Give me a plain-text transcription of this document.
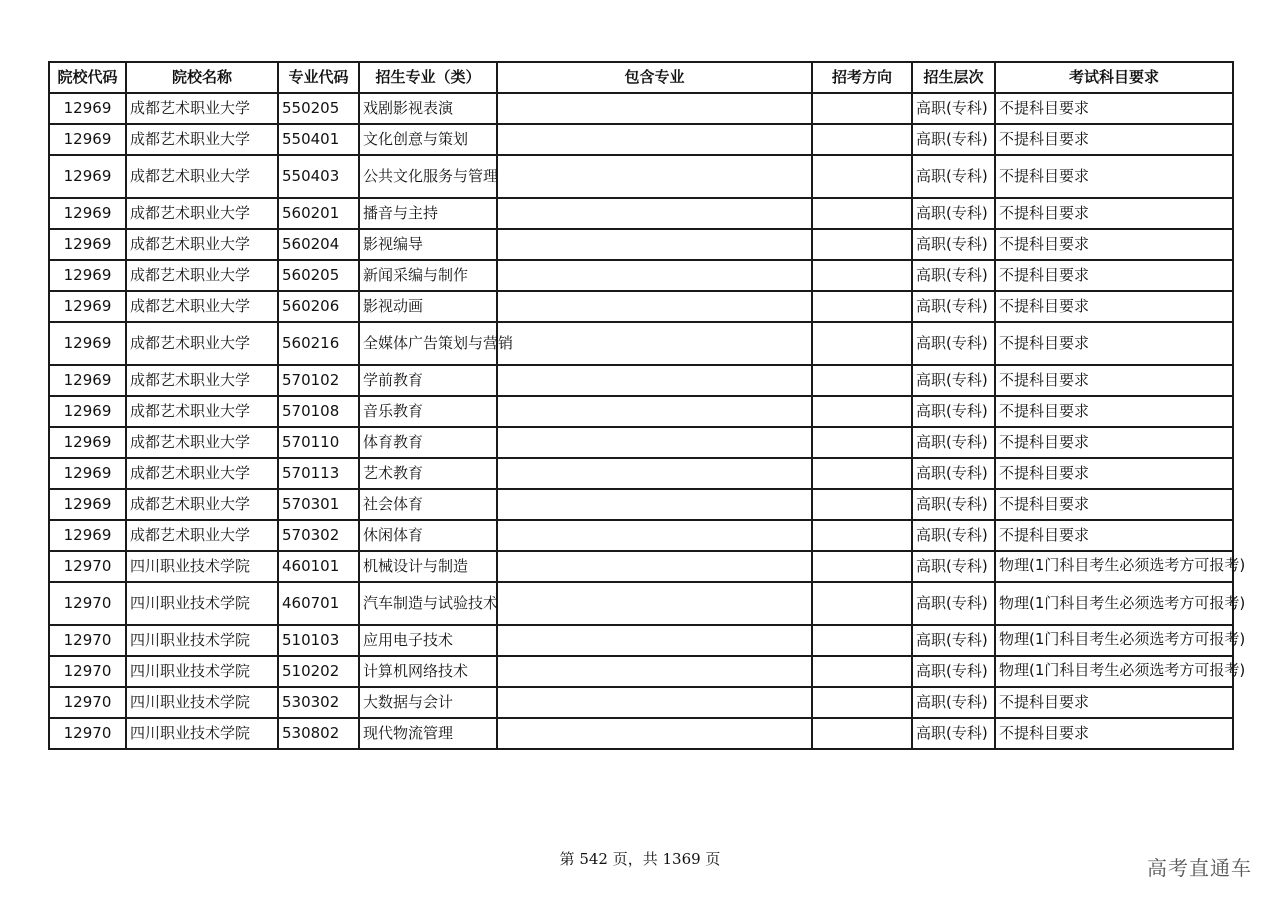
院校代码	院校名称	专业代码	招生专业（类）	包含专业	招考方向	招生层次	考试科目要求
12969	成都艺术职业大学	550205	戏剧影视表演			高职(专科)	不提科目要求
12969	成都艺术职业大学	550401	文化创意与策划			高职(专科)	不提科目要求
12969	成都艺术职业大学	550403	公共文化服务与管理			高职(专科)	不提科目要求
12969	成都艺术职业大学	560201	播音与主持			高职(专科)	不提科目要求
12969	成都艺术职业大学	560204	影视编导			高职(专科)	不提科目要求
12969	成都艺术职业大学	560205	新闻采编与制作			高职(专科)	不提科目要求
12969	成都艺术职业大学	560206	影视动画			高职(专科)	不提科目要求
12969	成都艺术职业大学	560216	全媒体广告策划与营销			高职(专科)	不提科目要求
12969	成都艺术职业大学	570102	学前教育			高职(专科)	不提科目要求
12969	成都艺术职业大学	570108	音乐教育			高职(专科)	不提科目要求
12969	成都艺术职业大学	570110	体育教育			高职(专科)	不提科目要求
12969	成都艺术职业大学	570113	艺术教育			高职(专科)	不提科目要求
12969	成都艺术职业大学	570301	社会体育			高职(专科)	不提科目要求
12969	成都艺术职业大学	570302	休闲体育			高职(专科)	不提科目要求
12970	四川职业技术学院	460101	机械设计与制造			高职(专科)	物理(1门科目考生必须选考方可报考)

12970	四川职业技术学院	460701	汽车制造与试验技术			高职(专科)	物理(1门科目考生必须选考方可报考)
12970	四川职业技术学院	510103	应用电子技术			高职(专科)	物理(1门科目考生必须选考方可报考)

12970	四川职业技术学院	510202	计算机网络技术			高职(专科)	物理(1门科目考生必须选考方可报考)

12970	四川职业技术学院	530302	大数据与会计			高职(专科)	不提科目要求
12970	四川职业技术学院	530802	现代物流管理			高职(专科)	不提科目要求
第 542 页，共 1369 页	高考直通车
